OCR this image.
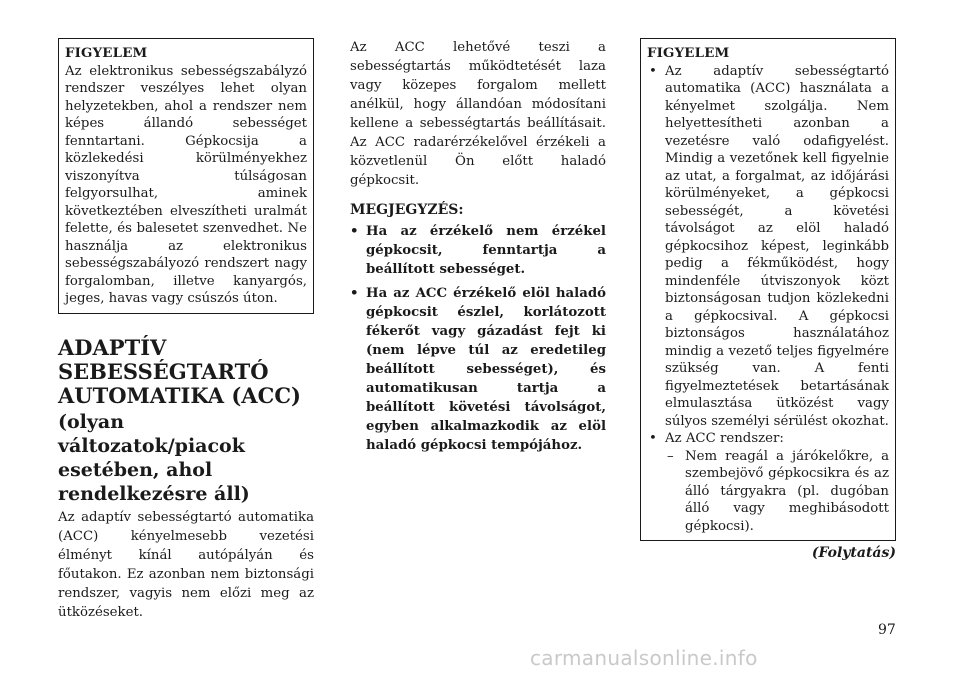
FIGYELEM
Az elektronikus sebességszabályzó rendszer veszélyes lehet olyan helyzetekben, ahol a rendszer nem képes állandó sebességet fenntartani. Gépkocsija a közlekedési körülményekhez viszonyítva túlságosan felgyorsulhat, aminek következtében elveszítheti uralmát felette, és balesetet szenvedhet. Ne használja az elektronikus sebességszabályozó rendszert nagy forgalomban, illetve kanyargós, jeges, havas vagy csúszós úton.
ADAPTÍV SEBESSÉGTARTÓ AUTOMATIKA (ACC)
(olyan változatok/piacok esetében, ahol rendelkezésre áll)
Az adaptív sebességtartó automatika (ACC) kényelmesebb vezetési élményt kínál autópályán és főutakon. Ez azonban nem biztonsági rendszer, vagyis nem előzi meg az ütközéseket.
Az ACC lehetővé teszi a sebességtartás működtetését laza vagy közepes forgalom mellett anélkül, hogy állandóan módosítani kellene a sebességtartás beállításait. Az ACC radarérzékelővel érzékeli a közvetlenül Ön előtt haladó gépkocsit.
MEGJEGYZÉS:
• Ha az érzékelő nem érzékel gépkocsit, fenntartja a beállított sebességet.
• Ha az ACC érzékelő elöl haladó gépkocsit észlel, korlátozott fékerőt vagy gázadást fejt ki (nem lépve túl az eredetileg beállított sebességet), és automatikusan tartja a beállított követési távolságot, egyben alkalmazkodik az elöl haladó gépkocsi tempójához.
FIGYELEM
• Az adaptív sebességtartó automatika (ACC) használata a kényelmet szolgálja. Nem helyettesítheti azonban a vezetésre való odafigyelést. Mindig a vezetőnek kell figyelnie az utat, a forgalmat, az időjárási körülményeket, a gépkocsi sebességét, a követési távolságot az elöl haladó gépkocsihoz képest, leginkább pedig a fékműködést, hogy mindenféle útviszonyok közt biztonságosan tudjon közlekedni a gépkocsival. A gépkocsi biztonságos használatához mindig a vezető teljes figyelmére szükség van. A fenti figyelmeztetések betartásának elmulasztása ütközést vagy súlyos személyi sérülést okozhat.
• Az ACC rendszer:
– Nem reagál a járókelőkre, a szembejövő gépkocsikra és az álló tárgyakra (pl. dugóban álló vagy meghibásodott gépkocsi).
(Folytatás)
97
carmanualsonline.info
